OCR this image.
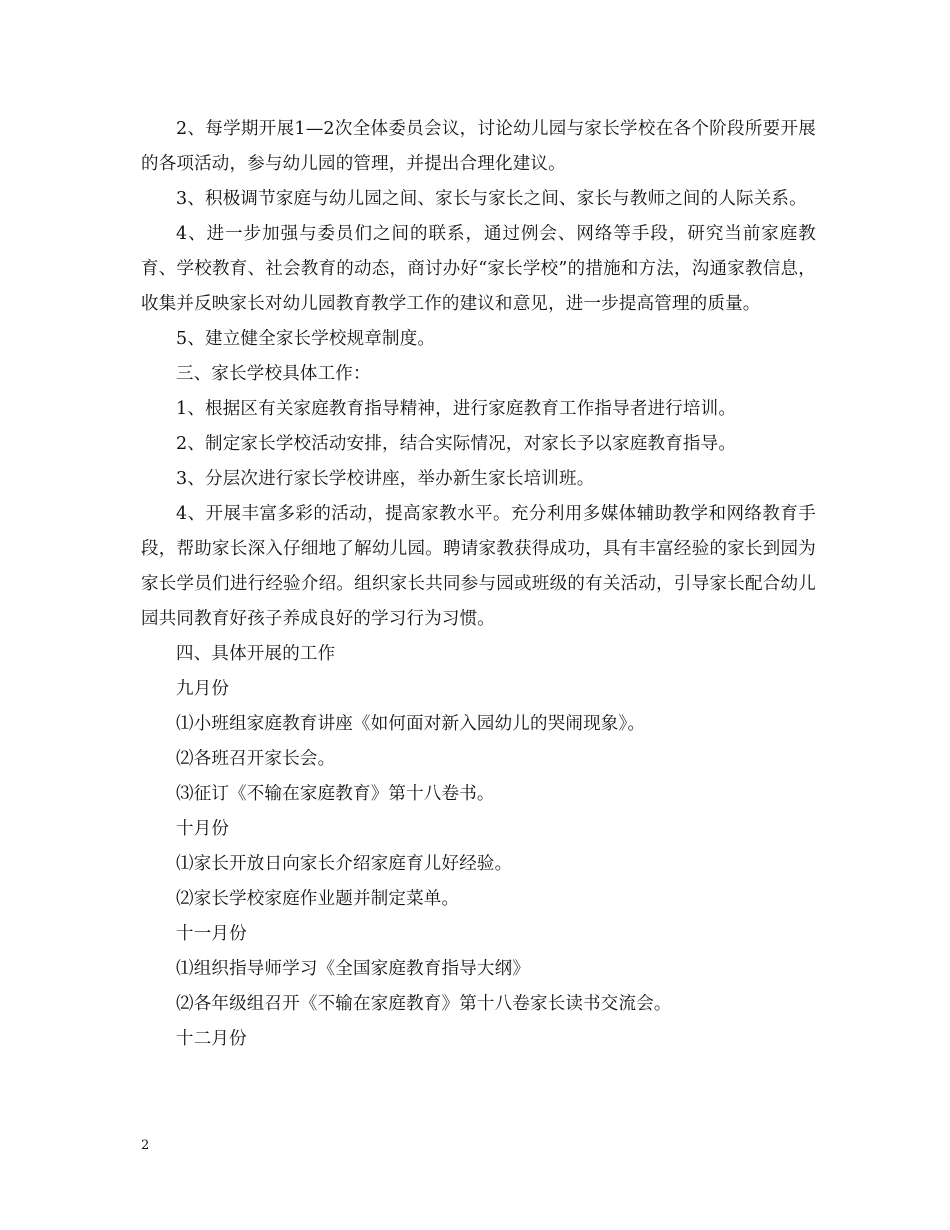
2、每学期开展1—2次全体委员会议，讨论幼儿园与家长学校在各个阶段所要开展的各项活动，参与幼儿园的管理，并提出合理化建议。

3、积极调节家庭与幼儿园之间、家长与家长之间、家长与教师之间的人际关系。

4、进一步加强与委员们之间的联系，通过例会、网络等手段，研究当前家庭教育、学校教育、社会教育的动态，商讨办好“家长学校”的措施和方法，沟通家教信息，收集并反映家长对幼儿园教育教学工作的建议和意见，进一步提高管理的质量。

5、建立健全家长学校规章制度。

三、家长学校具体工作：

1、根据区有关家庭教育指导精神，进行家庭教育工作指导者进行培训。

2、制定家长学校活动安排，结合实际情况，对家长予以家庭教育指导。

3、分层次进行家长学校讲座，举办新生家长培训班。

4、开展丰富多彩的活动，提高家教水平。充分利用多媒体辅助教学和网络教育手段，帮助家长深入仔细地了解幼儿园。聘请家教获得成功，具有丰富经验的家长到园为家长学员们进行经验介绍。组织家长共同参与园或班级的有关活动，引导家长配合幼儿园共同教育好孩子养成良好的学习行为习惯。

四、具体开展的工作

九月份

⑴小班组家庭教育讲座《如何面对新入园幼儿的哭闹现象》。

⑵各班召开家长会。

⑶征订《不输在家庭教育》第十八卷书。

十月份

⑴家长开放日向家长介绍家庭育儿好经验。

⑵家长学校家庭作业题并制定菜单。

十一月份

⑴组织指导师学习《全国家庭教育指导大纲》

⑵各年级组召开《不输在家庭教育》第十八卷家长读书交流会。

十二月份

2
